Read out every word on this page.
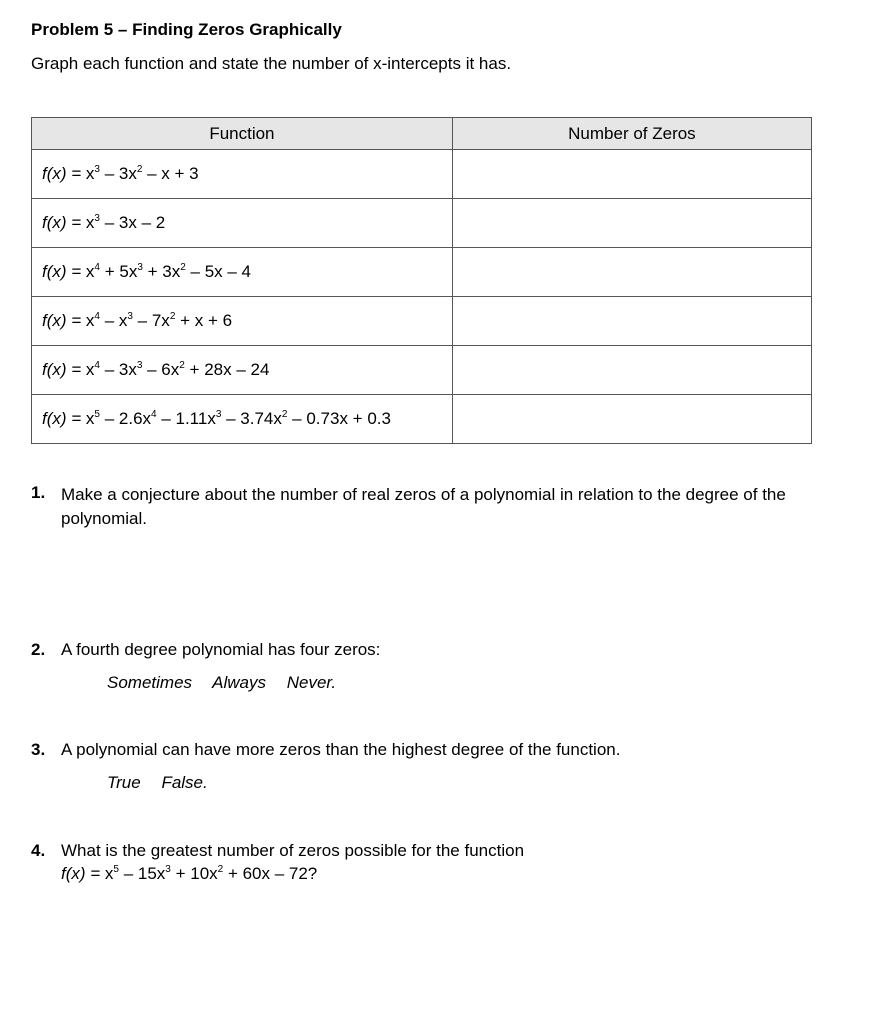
Problem 5 – Finding Zeros Graphically
Graph each function and state the number of x-intercepts it has.
Function	Number of Zeros
$f(x) = x^3 - 3x^2 - x + 3$	
$f(x) = x^3 - 3x - 2$	
$f(x) = x^4 + 5x^3 + 3x^2 - 5x - 4$	
$f(x) = x^4 - x^3 - 7x^2 + x + 6$	
$f(x) = x^4 - 3x^3 - 6x^2 + 28x - 24$	
$f(x) = x^5 - 2.6x^4 - 1.11x^3 - 3.74x^2 - 0.73x + 0.3$	
1. Make a conjecture about the number of real zeros of a polynomial in relation to the degree of the polynomial.
2. A fourth degree polynomial has four zeros:
Sometimes Always Never.
3. A polynomial can have more zeros than the highest degree of the function.
True False.
4. What is the greatest number of zeros possible for the function
$f(x) = x^5 - 15x^3 + 10x^2 + 60x - 72$?
